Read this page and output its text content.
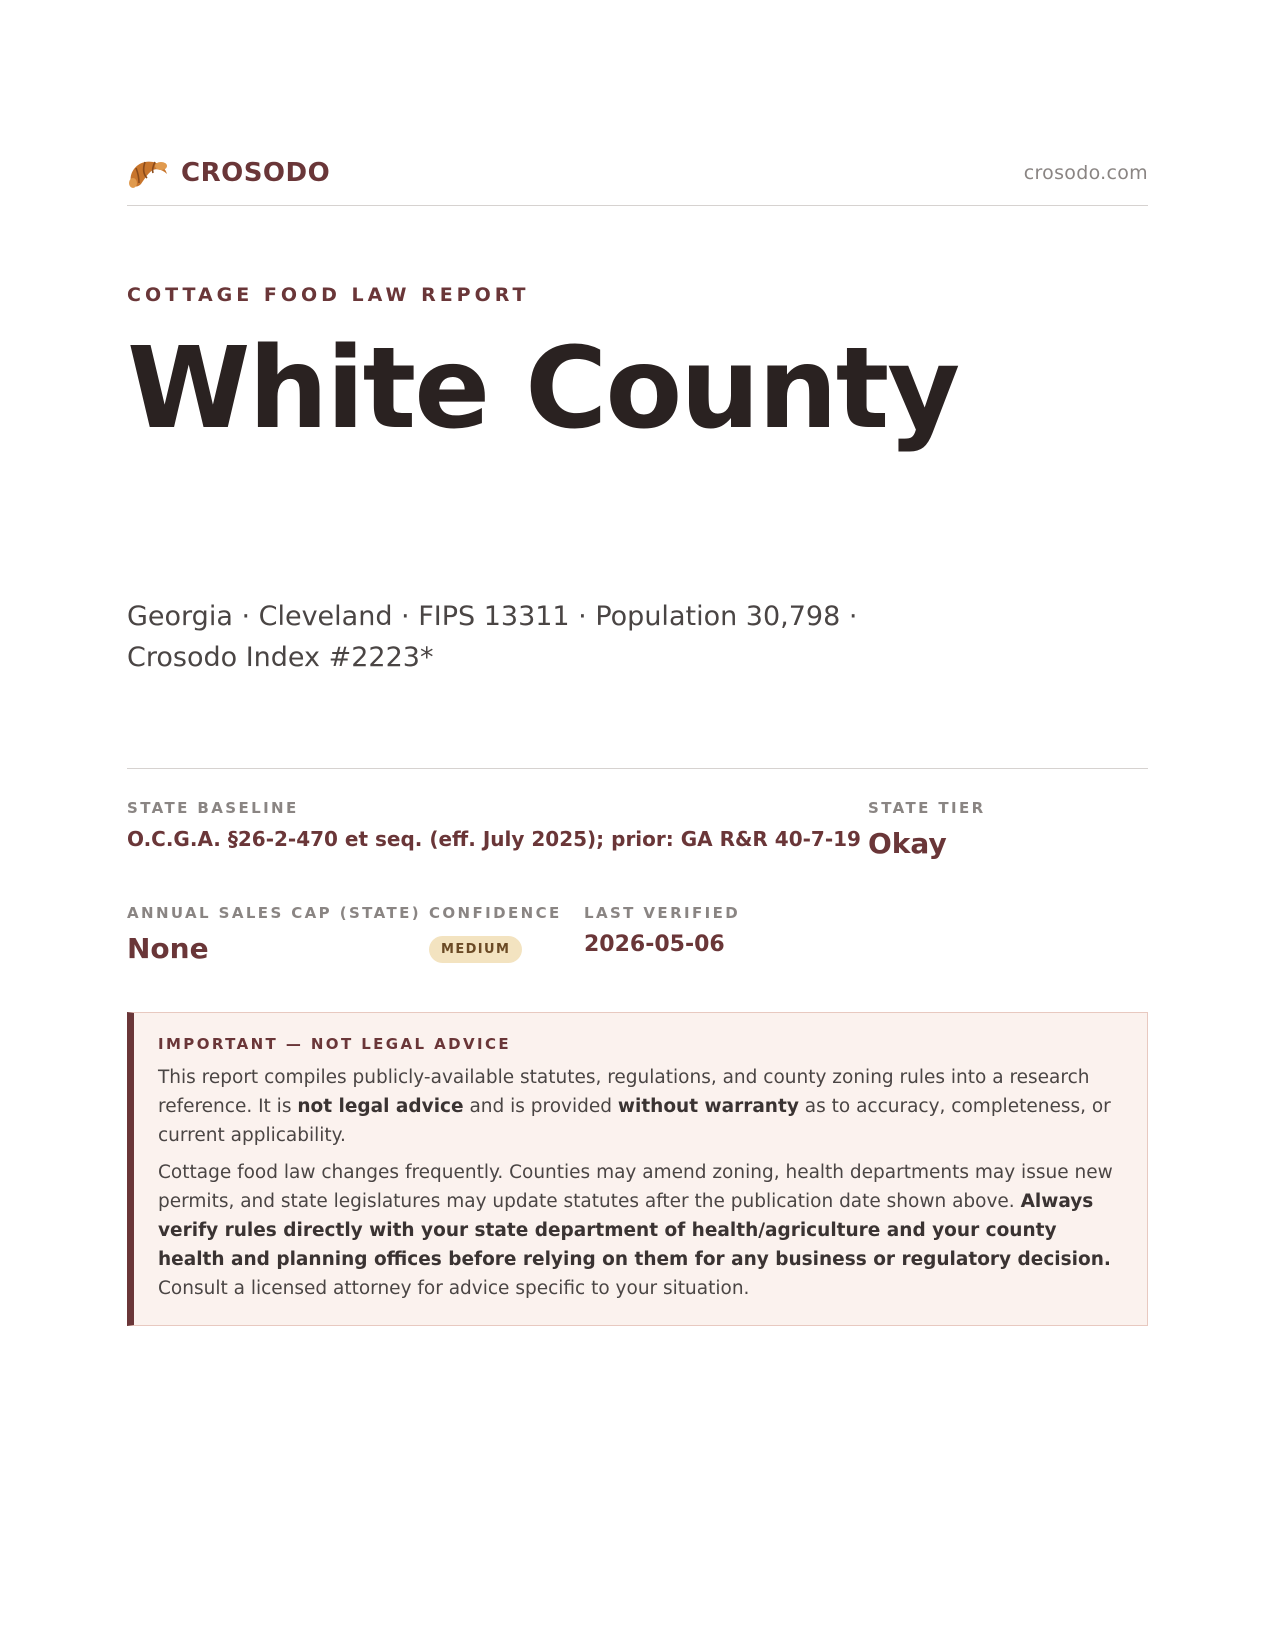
CROSODO	crosodo.com
COTTAGE FOOD LAW REPORT
White County
Georgia · Cleveland · FIPS 13311 · Population 30,798 · Crosodo Index #2223*
STATE BASELINE
O.C.G.A. §26-2-470 et seq. (eff. July 2025); prior: GA R&R 40-7-19
STATE TIER
Okay
ANNUAL SALES CAP (STATE)
None
CONFIDENCE
MEDIUM
LAST VERIFIED
2026-05-06
IMPORTANT — NOT LEGAL ADVICE

This report compiles publicly-available statutes, regulations, and county zoning rules into a research reference. It is not legal advice and is provided without warranty as to accuracy, completeness, or current applicability.

Cottage food law changes frequently. Counties may amend zoning, health departments may issue new permits, and state legislatures may update statutes after the publication date shown above. Always verify rules directly with your state department of health/agriculture and your county health and planning offices before relying on them for any business or regulatory decision. Consult a licensed attorney for advice specific to your situation.
